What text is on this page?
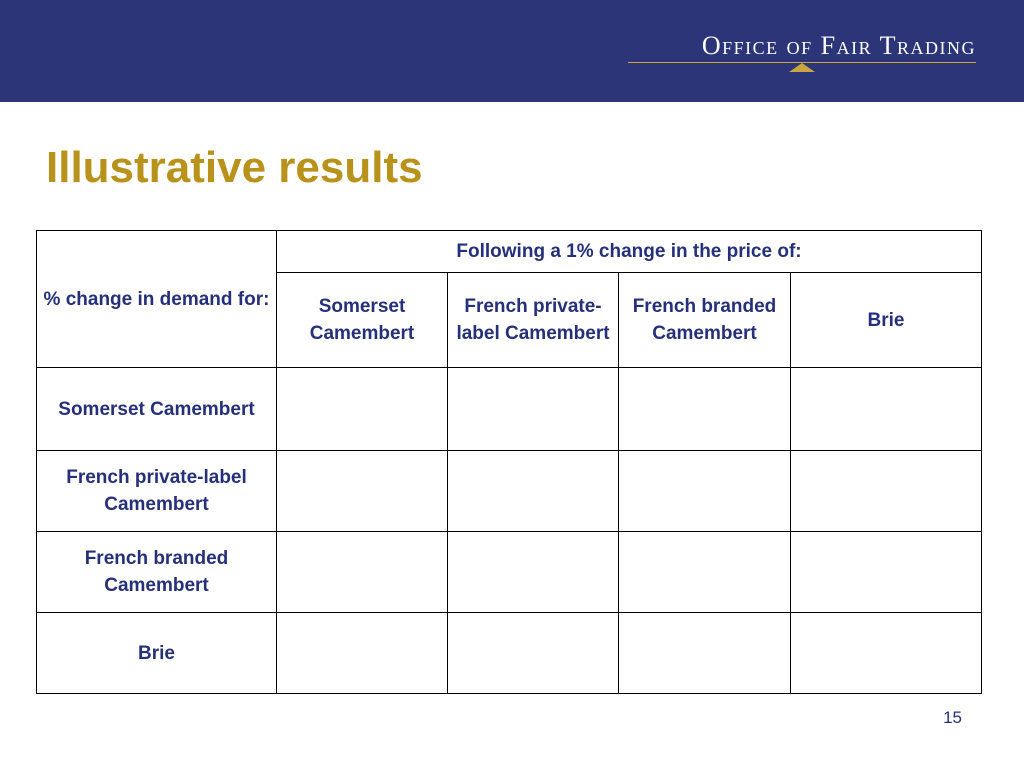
Office of Fair Trading
Illustrative results
% change in demand for:	Following a 1% change in the price of:			
	Somerset Camembert	French private-label Camembert	French branded Camembert	Brie
Somerset Camembert				
French private-label Camembert				
French branded Camembert				
Brie				
15
